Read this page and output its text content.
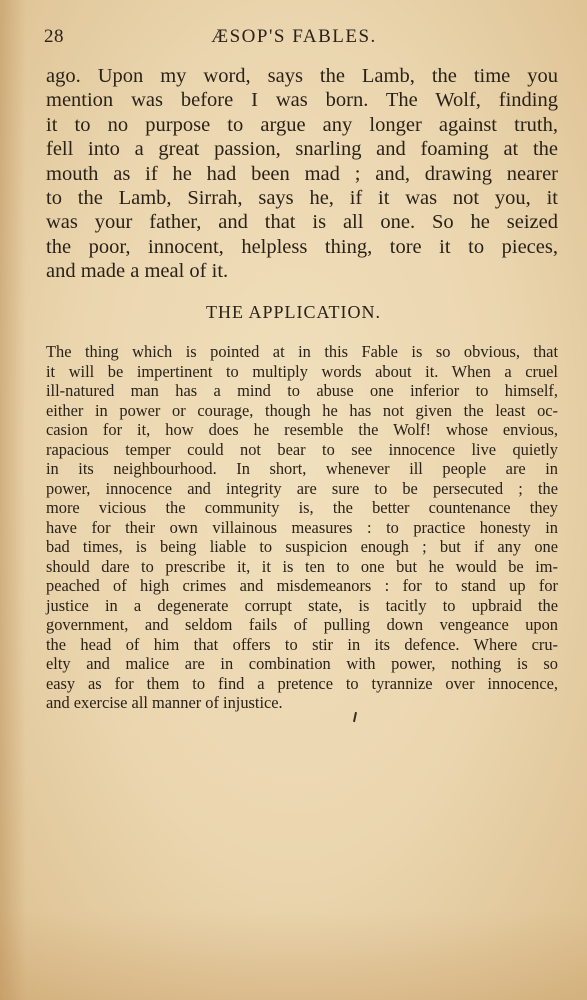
28	ÆSOP'S FABLES.
ago. Upon my word, says the Lamb, the time you
mention was before I was born. The Wolf, finding
it to no purpose to argue any longer against truth,
fell into a great passion, snarling and foaming at the
mouth as if he had been mad ; and, drawing nearer
to the Lamb, Sirrah, says he, if it was not you, it
was your father, and that is all one. So he seized
the poor, innocent, helpless thing, tore it to pieces,
and made a meal of it.
THE APPLICATION.
The thing which is pointed at in this Fable is so obvious, that
it will be impertinent to multiply words about it. When a cruel
ill-natured man has a mind to abuse one inferior to himself,
either in power or courage, though he has not given the least oc-
casion for it, how does he resemble the Wolf! whose envious,
rapacious temper could not bear to see innocence live quietly
in its neighbourhood. In short, whenever ill people are in
power, innocence and integrity are sure to be persecuted ; the
more vicious the community is, the better countenance they
have for their own villainous measures : to practice honesty in
bad times, is being liable to suspicion enough ; but if any one
should dare to prescribe it, it is ten to one but he would be im-
peached of high crimes and misdemeanors : for to stand up for
justice in a degenerate corrupt state, is tacitly to upbraid the
government, and seldom fails of pulling down vengeance upon
the head of him that offers to stir in its defence. Where cru-
elty and malice are in combination with power, nothing is so
easy as for them to find a pretence to tyrannize over innocence,
and exercise all manner of injustice.
